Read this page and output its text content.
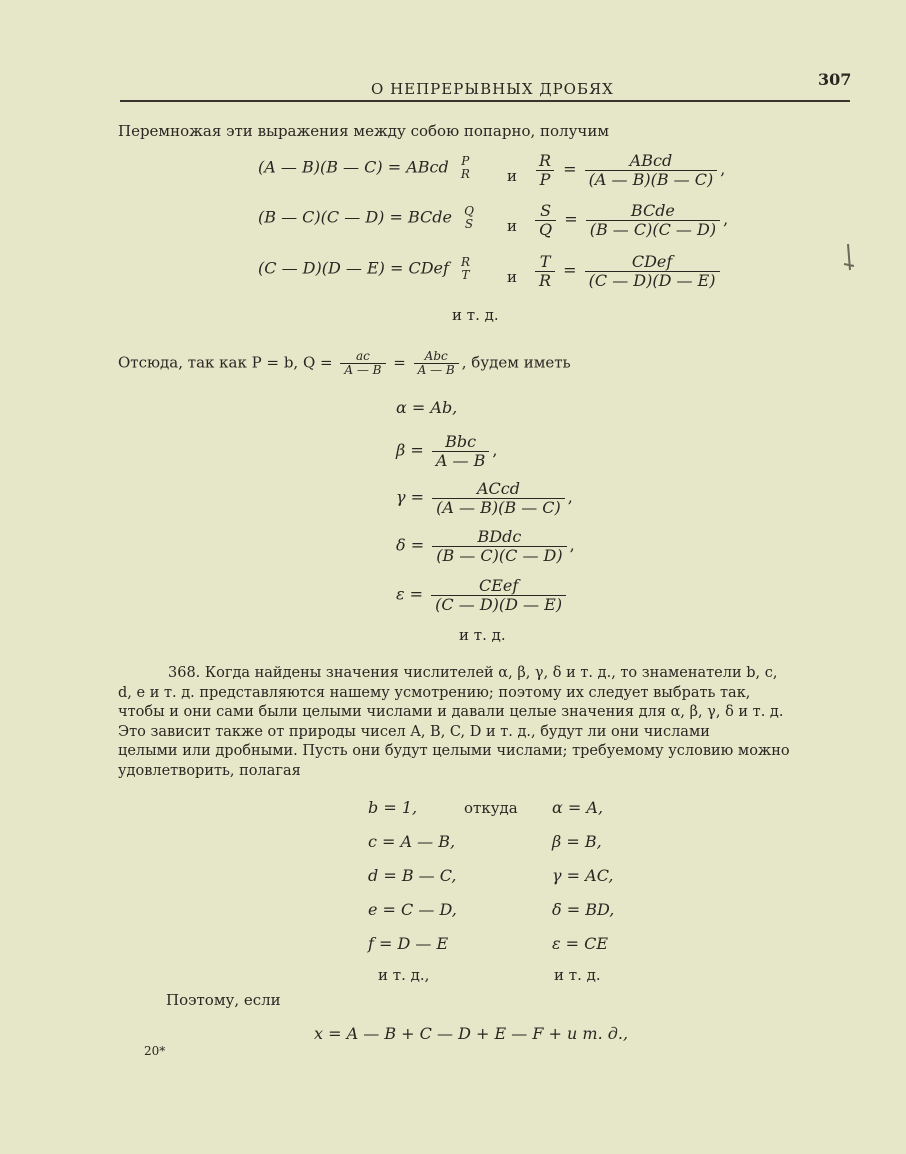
О НЕПРЕРЫВНЫХ ДРОБЯХ	307
Перемножая эти выражения между собою попарно, получим
(A — B)(B — C) = ABcd	P
R и $\frac{R}{P} = \frac{\text{ABcd}}{(A — B)(B — C)}$ ,
(B — C)(C — D) = BCde	Q
S и $\frac{S}{Q} = \frac{\text{BCde}}{(B — C)(C — D)}$ ,
(C — D)(D — E) = CDef	R
T и $\frac{T}{R} = \frac{\text{CDef}}{(C — D)(D — E)}$
и т. д.
Отсюда, так как P = b, $Q = \frac{ac}{A — B} = \frac{\text{Abc}}{A — B}$ , будем иметь
α = Ab,
$\beta = \frac{\text{Bbc}}{A — B}$ ,
$\gamma = \frac{\text{ACcd}}{(A — B)(B — C)}$ ,
$\delta = \frac{\text{BDdc}}{(B — C)(C — D)}$ ,
$\varepsilon = \frac{\text{CEef}}{(C — D)(D — E)}$
и т. д.
368. Когда найдены значения числителей α, β, γ, δ и т. д., то знаменатели b, c,
d, e и т. д. представляются нашему усмотрению; поэтому их следует выбрать так,
чтобы и они сами были целыми числами и давали целые значения для α, β, γ, δ и т. д.
Это зависит также от природы чисел A, B, C, D и т. д., будут ли они числами
целыми или дробными. Пусть они будут целыми числами; требуемому условию можно
удовлетворить, полагая
b = 1,	откуда α = A,
c = A — B,	β = B,
d = B — C,	γ = AC,
e = C — D,	δ = BD,
f = D — E	ε = CE
и т. д.,	и т. д.
Поэтому, если
x = A — B + C — D + E — F + и т. д.,
20*
